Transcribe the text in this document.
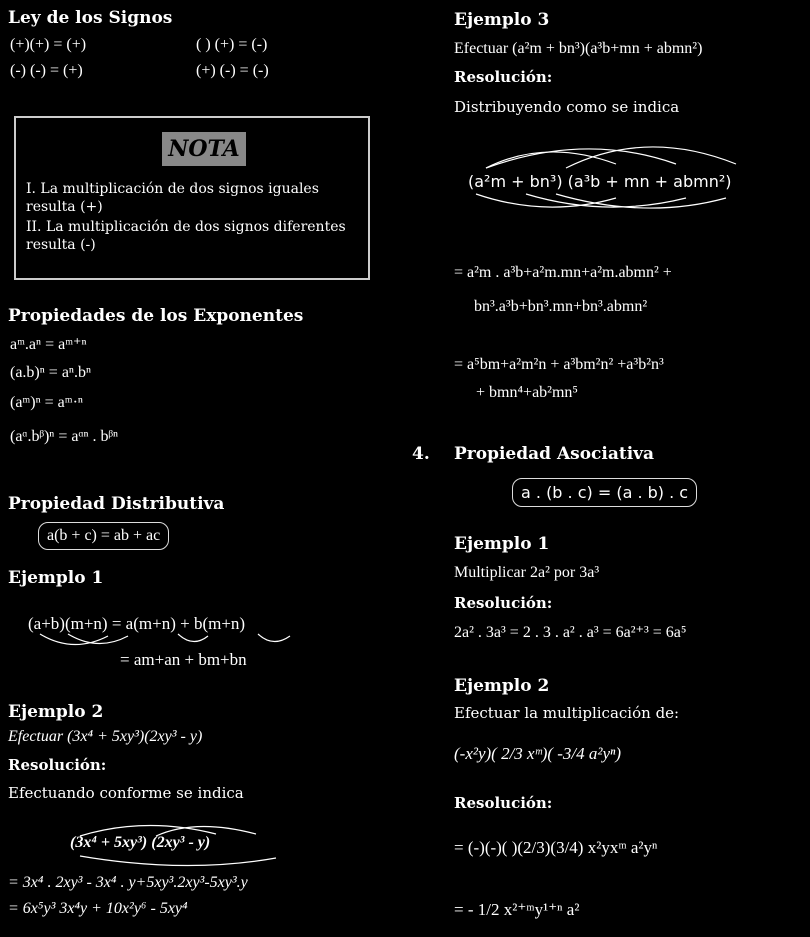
Ley de los Signos
(+)(+) = (+)	( ) (+) = (-)
(-) (-) = (+)	(+) (-) = (-)
NOTA
I. La multiplicación de dos signos iguales resulta (+)
II. La multiplicación de dos signos diferentes resulta (-)
Propiedades de los Exponentes
aᵐ.aⁿ = aᵐ⁺ⁿ
(a.b)ⁿ = aⁿ.bⁿ
(aᵐ)ⁿ = aᵐ·ⁿ
(aᵅ.bᵝ)ⁿ = aᵅⁿ . bᵝⁿ
Propiedad Distributiva
a(b + c) = ab + ac
Ejemplo 1
(a+b)(m+n) = a(m+n) + b(m+n)
= am+an + bm+bn
Ejemplo 2
Efectuar (3x⁴ + 5xy³)(2xy³ - y)
Resolución:
Efectuando conforme se indica
(3x⁴ + 5xy³) (2xy³ - y)
= 3x⁴ . 2xy³ - 3x⁴ . y+5xy³.2xy³-5xy³.y
= 6x⁵y³ 3x⁴y + 10x²y⁶ - 5xy⁴
Ejemplo 3
Efectuar (a²m + bn³)(a³b+mn + abmn²)
Resolución:
Distribuyendo como se indica
(a²m + bn³) (a³b + mn + abmn²)
= a²m . a³b+a²m.mn+a²m.abmn² +
bn³.a³b+bn³.mn+bn³.abmn²
= a⁵bm+a²m²n + a³bm²n² +a³b²n³
+ bmn⁴+ab²mn⁵
4. Propiedad Asociativa
a . (b . c) = (a . b) . c
Ejemplo 1
Multiplicar 2a² por 3a³
Resolución:
2a² . 3a³ = 2 . 3 . a² . a³ = 6a²⁺³ = 6a⁵
Ejemplo 2
Efectuar la multiplicación de:
(-x²y)( 2/3 xᵐ)( -3/4 a²yⁿ)
Resolución:
= (-)(-)( )(2/3)(3/4) x²yxᵐ a²yⁿ
= - 1/2 x²⁺ᵐy¹⁺ⁿ a²
